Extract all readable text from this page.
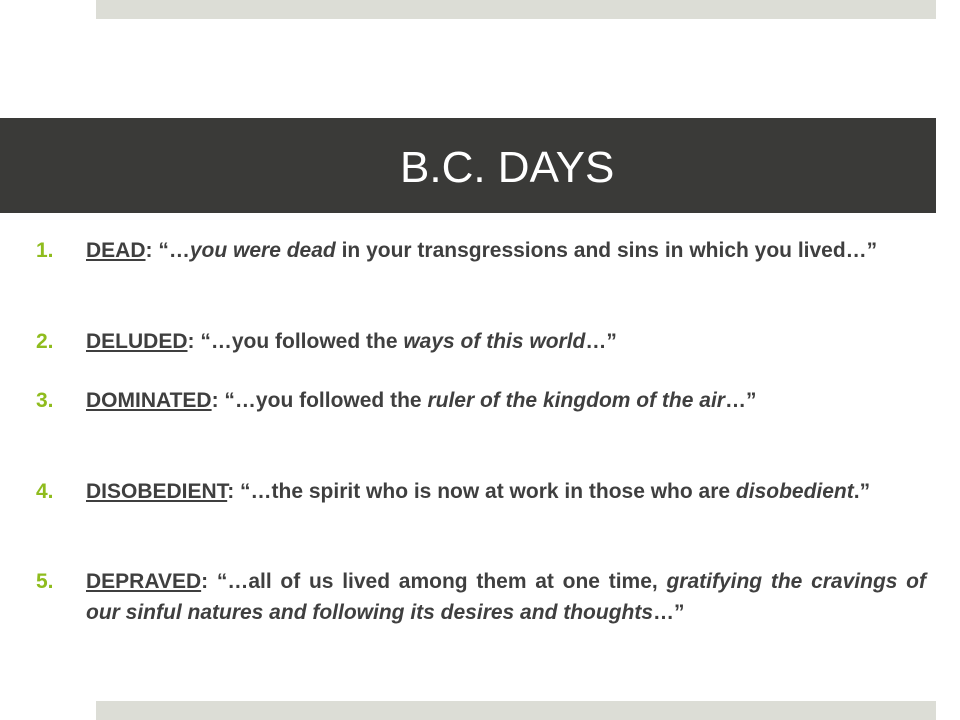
B.C. DAYS
1. DEAD: “…you were dead in your transgressions and sins in which you lived…”
2. DELUDED: “…you followed the ways of this world…”
3. DOMINATED: “…you followed the ruler of the kingdom of the air…”
4. DISOBEDIENT: “…the spirit who is now at work in those who are disobedient.”
5. DEPRAVED: “…all of us lived among them at one time, gratifying the cravings of our sinful natures and following its desires and thoughts…”
